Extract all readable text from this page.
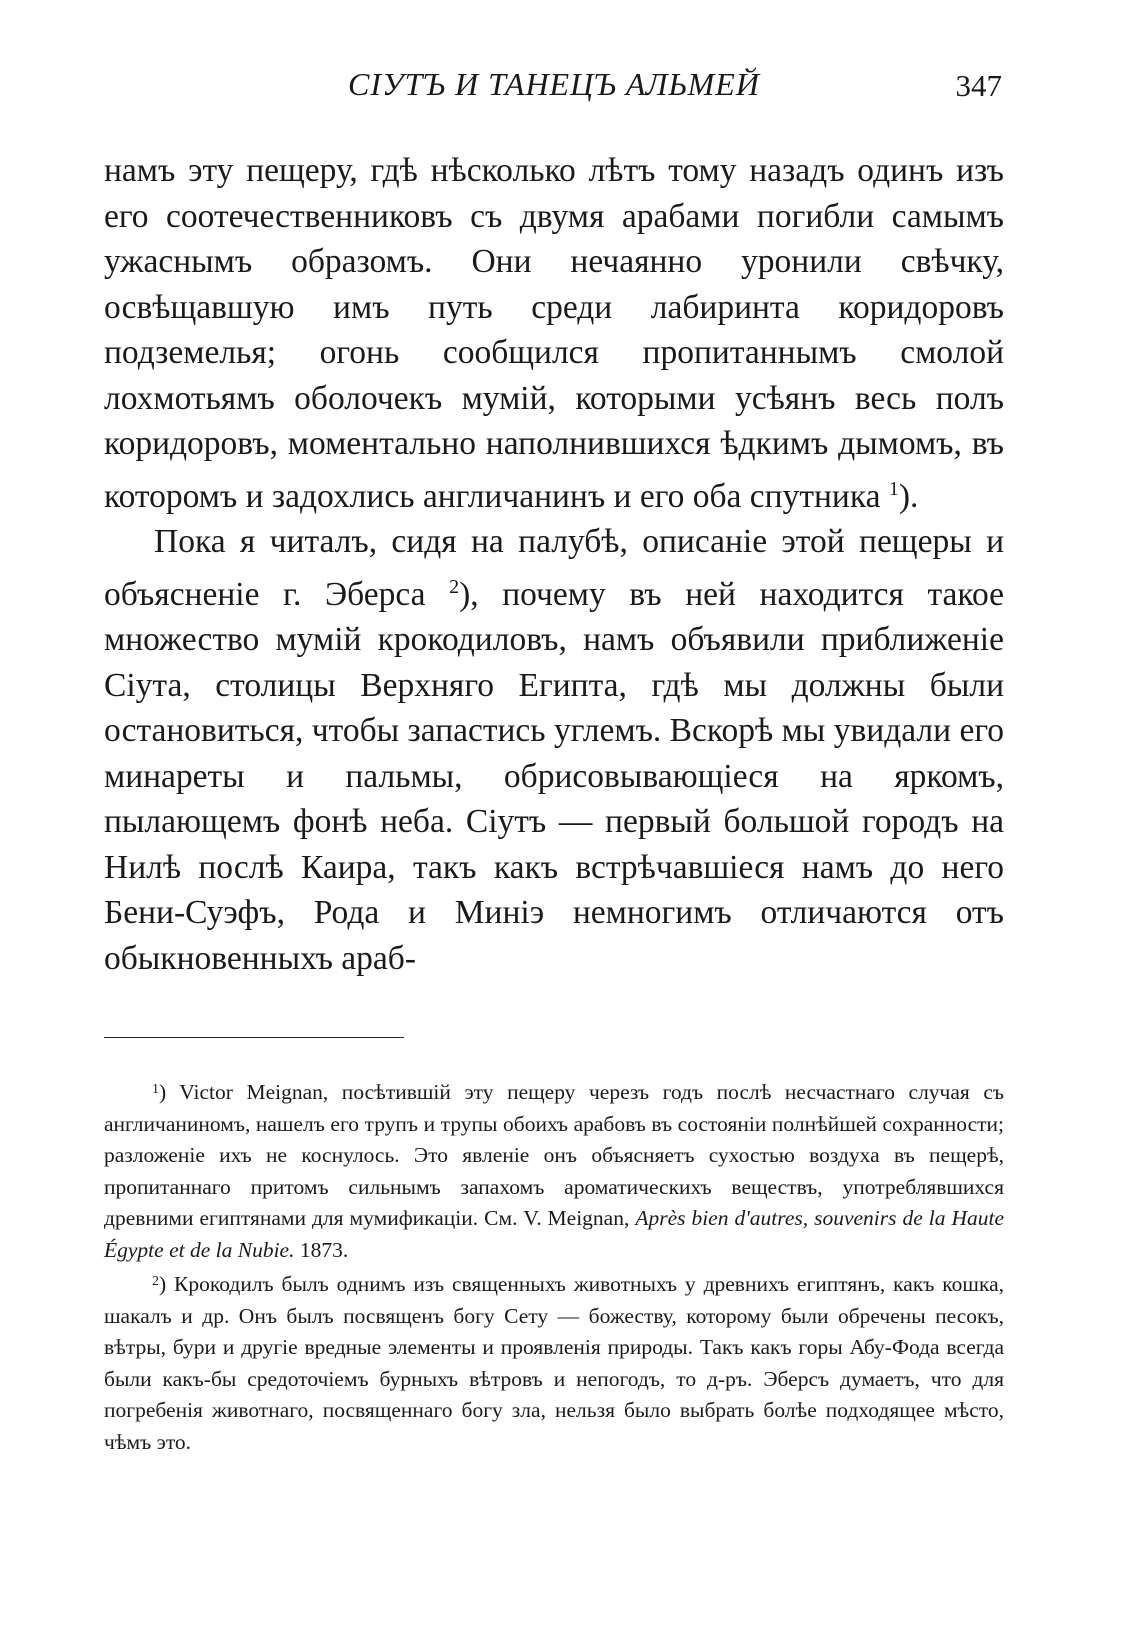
СІУТЪ И ТАНЕЦЪ АЛЬМЕЙ	347

намъ эту пещеру, гдѣ нѣсколько лѣтъ тому назадъ одинъ изъ его соотечественниковъ съ двумя арабами погибли самымъ ужаснымъ образомъ. Они нечаянно уронили свѣчку, освѣщавшую имъ путь среди лабиринта коридоровъ подземелья; огонь сообщился пропитаннымъ смолой лохмотьямъ оболочекъ мумій, которыми усѣянъ весь полъ коридоровъ, моментально наполнившихся ѣдкимъ дымомъ, въ которомъ и задохлись англичанинъ и его оба спутника $^1$).

Пока я читалъ, сидя на палубѣ, описаніе этой пещеры и объясненіе г. Эберса $^2$), почему въ ней находится такое множество мумій крокодиловъ, намъ объявили приближеніе Сіута, столицы Верхняго Египта, гдѣ мы должны были остановиться, чтобы запастись углемъ. Вскорѣ мы увидали его минареты и пальмы, обрисовывающіеся на яркомъ, пылающемъ фонѣ неба. Сіутъ — первый большой городъ на Нилѣ послѣ Каира, такъ какъ встрѣчавшіеся намъ до него Бени-Суэфъ, Рода и Миніэ немногимъ отличаются отъ обыкновенныхъ араб-

$^1$) Victor Meignan, посѣтившій эту пещеру черезъ годъ послѣ несчастнаго случая съ англичаниномъ, нашелъ его трупъ и трупы обоихъ арабовъ въ состояніи полнѣйшей сохранности; разложеніе ихъ не коснулось. Это явленіе онъ объясняетъ сухостью воздуха въ пещерѣ, пропитаннаго притомъ сильнымъ запахомъ ароматическихъ веществъ, употреблявшихся древними египтянами для мумификаціи. См. V. Meignan, Après bien d'autres, souvenirs de la Haute Égypte et de la Nubie. 1873.

$^2$) Крокодилъ былъ однимъ изъ священныхъ животныхъ у древнихъ египтянъ, какъ кошка, шакалъ и др. Онъ былъ посвященъ богу Сету — божеству, которому были обречены песокъ, вѣтры, бури и другіе вредные элементы и проявленія природы. Такъ какъ горы Абу-Фода всегда были какъ-бы средоточіемъ бурныхъ вѣтровъ и непогодъ, то д-ръ. Эберсъ думаетъ, что для погребенія животнаго, посвященнаго богу зла, нельзя было выбрать болѣе подходящее мѣсто, чѣмъ это.
